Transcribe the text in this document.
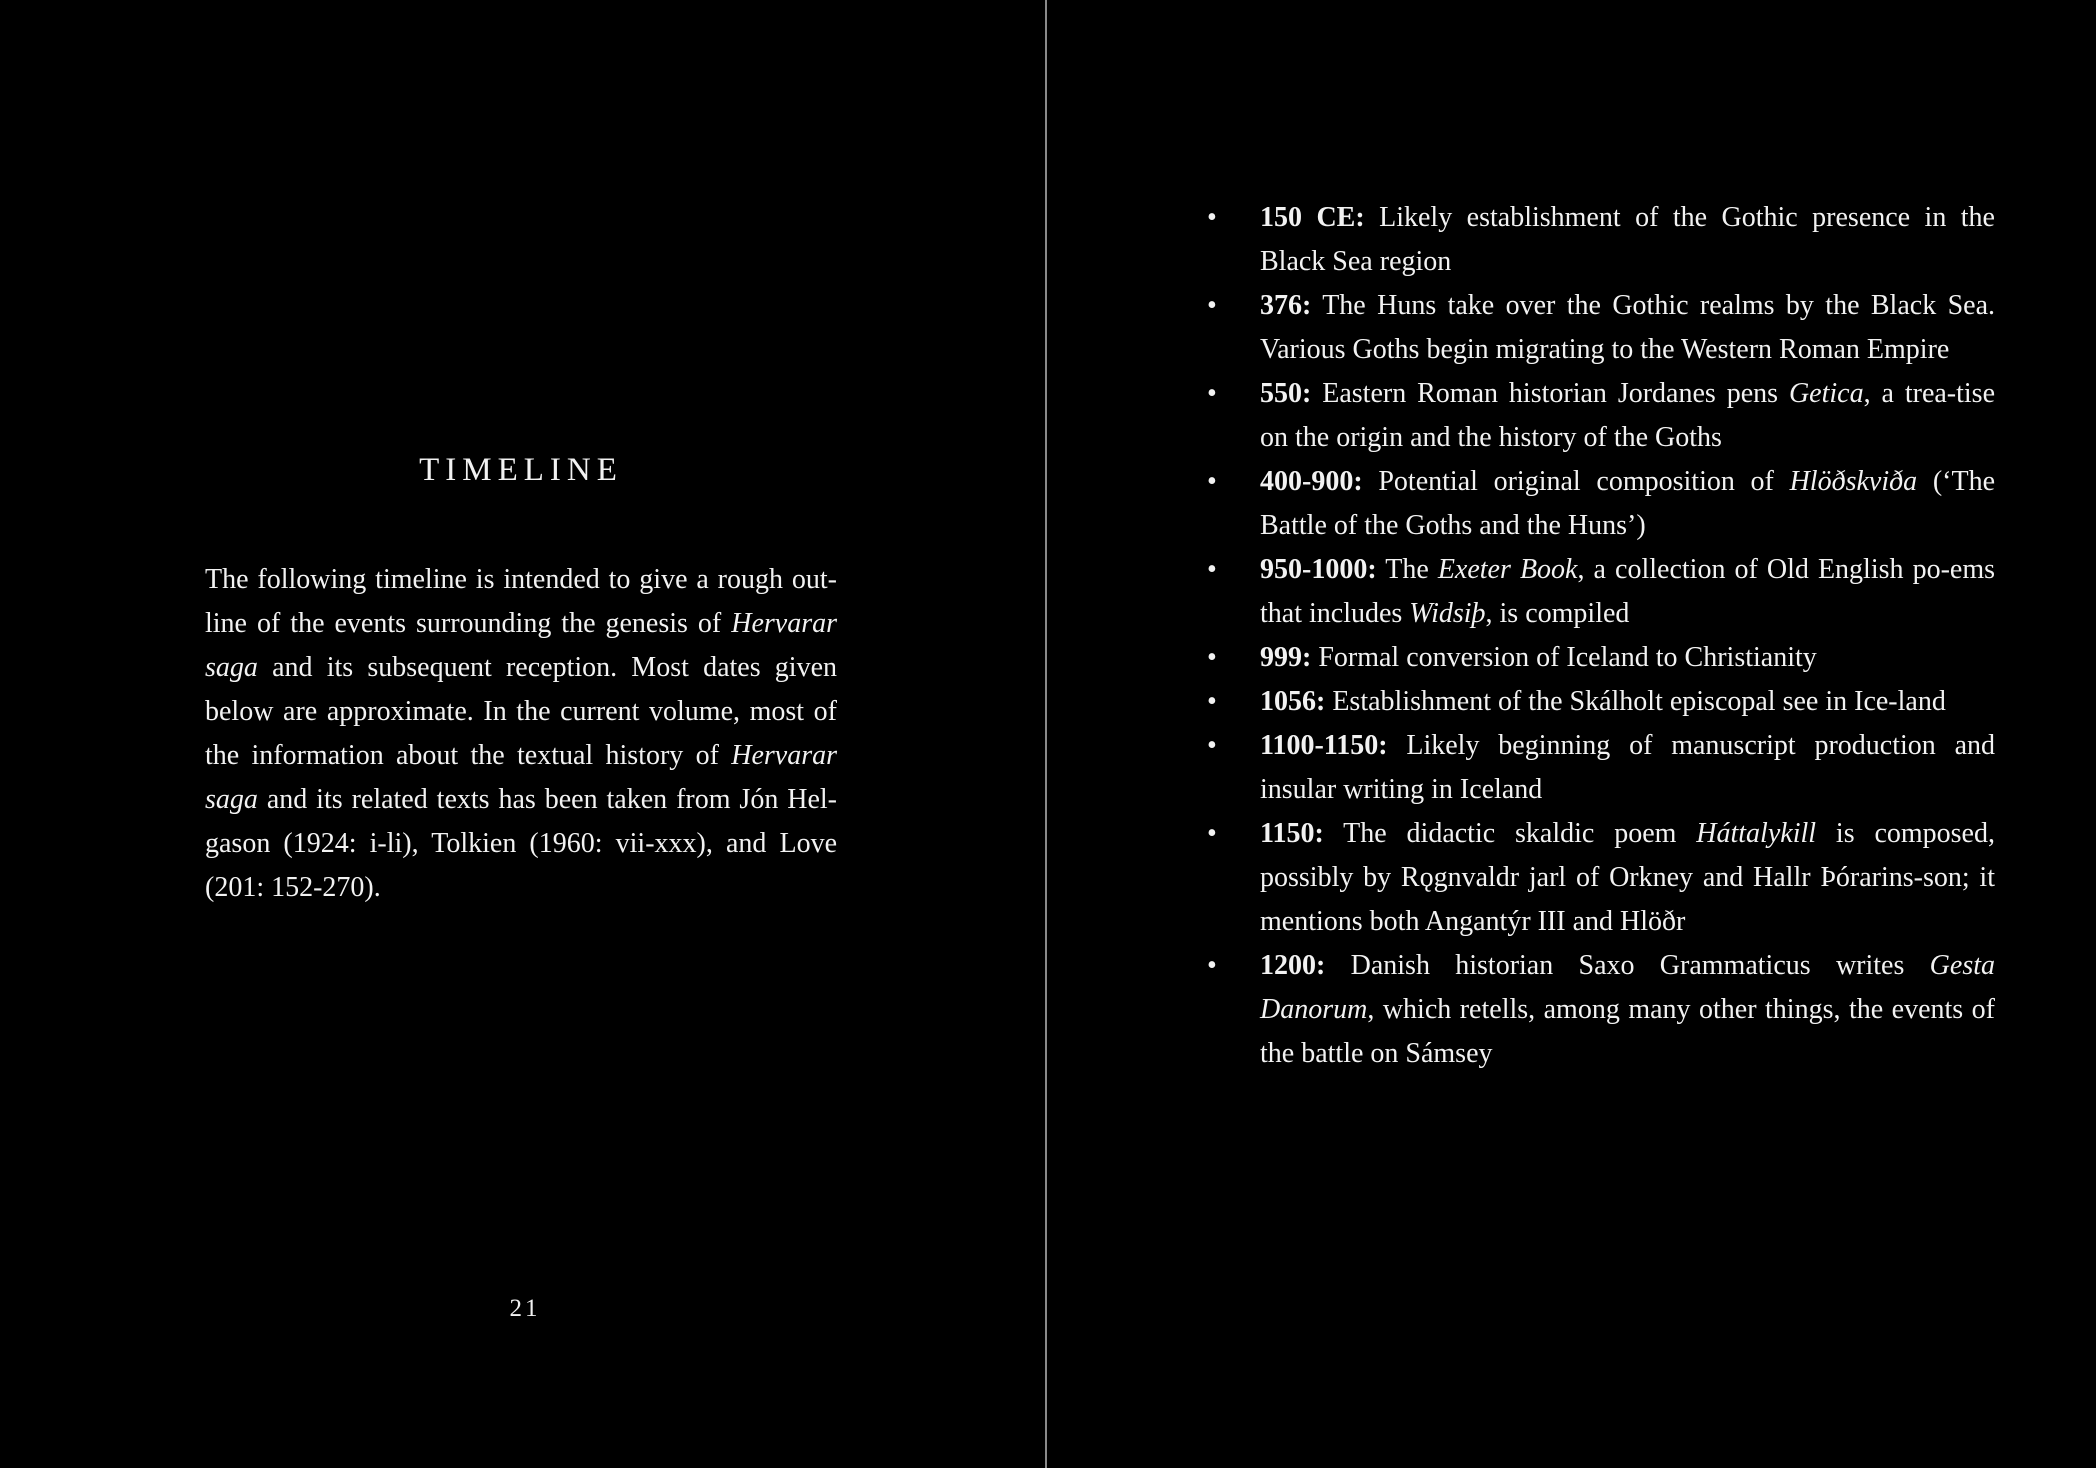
TIMELINE

The following timeline is intended to give a rough out-line of the events surrounding the genesis of Hervarar saga and its subsequent reception. Most dates given below are approximate. In the current volume, most of the information about the textual history of Hervarar saga and its related texts has been taken from Jón Hel-gason (1924: i-li), Tolkien (1960: vii-xxx), and Love (201: 152-270).

21
• 150 CE: Likely establishment of the Gothic presence in the Black Sea region
• 376: The Huns take over the Gothic realms by the Black Sea. Various Goths begin migrating to the Western Roman Empire
• 550: Eastern Roman historian Jordanes pens Getica, a trea-tise on the origin and the history of the Goths
• 400-900: Potential original composition of Hlöðskviða (‘The Battle of the Goths and the Huns’)
• 950-1000: The Exeter Book, a collection of Old English po-ems that includes Widsiþ, is compiled
• 999: Formal conversion of Iceland to Christianity
• 1056: Establishment of the Skálholt episcopal see in Ice-land
• 1100-1150: Likely beginning of manuscript production and insular writing in Iceland
• 1150: The didactic skaldic poem Háttalykill is composed, possibly by Rǫgnvaldr jarl of Orkney and Hallr Þórarins-son; it mentions both Angantýr III and Hlöðr
• 1200: Danish historian Saxo Grammaticus writes Gesta Danorum, which retells, among many other things, the events of the battle on Sámsey
